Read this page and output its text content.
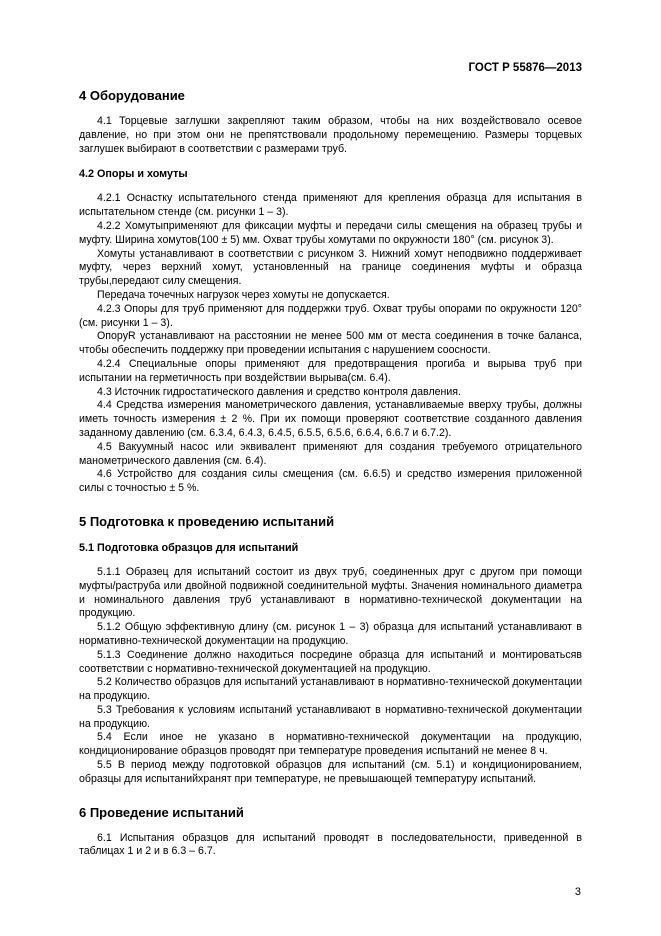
ГОСТ Р 55876—2013
4 Оборудование

4.1 Торцевые заглушки закрепляют таким образом, чтобы на них воздействовало осевое давление, но при этом они не препятствовали продольному перемещению. Размеры торцевых заглушек выбирают в соответствии с размерами труб.

4.2 Опоры и хомуты

4.2.1 Оснастку испытательного стенда применяют для крепления образца для испытания в испытательном стенде (см. рисунки 1 – 3).

4.2.2 Хомутыприменяют для фиксации муфты и передачи силы смещения на образец трубы и муфту. Ширина хомутов(100 ± 5) мм. Охват трубы хомутами по окружности 180° (см. рисунок 3).

Хомуты устанавливают в соответствии с рисунком 3. Нижний хомут неподвижно поддерживает муфту, через верхний хомут, установленный на границе соединения муфты и образца трубы,передают силу смещения.

Передача точечных нагрузок через хомуты не допускается.

4.2.3 Опоры для труб применяют для поддержки труб. Охват трубы опорами по окружности 120° (см. рисунки 1 – 3).

ОпорyR устанавливают на расстоянии не менее 500 мм от места соединения в точке баланса, чтобы обеспечить поддержку при проведении испытания с нарушением соосности.

4.2.4 Специальные опоры применяют для предотвращения прогиба и вырыва труб при испытании на герметичность при воздействии вырыва(см. 6.4).

4.3 Источник гидростатического давления и средство контроля давления.

4.4 Средства измерения манометрического давления, устанавливаемые вверху трубы, должны иметь точность измерения ± 2 %. При их помощи проверяют соответствие созданного давления заданному давлению (см. 6.3.4, 6.4.3, 6.4.5, 6.5.5, 6.5.6, 6.6.4, 6.6.7 и 6.7.2).

4.5 Вакуумный насос или эквивалент применяют для создания требуемого отрицательного манометрического давления (см. 6.4).

4.6 Устройство для создания силы смещения (см. 6.6.5) и средство измерения приложенной силы с точностью ± 5 %.

5 Подготовка к проведению испытаний
5.1 Подготовка образцов для испытаний

5.1.1 Образец для испытаний состоит из двух труб, соединенных друг с другом при помощи муфты/раструба или двойной подвижной соединительной муфты. Значения номинального диаметра и номинального давления труб устанавливают в нормативно-технической документации на продукцию.

5.1.2 Общую эффективную длину (см. рисунок 1 – 3) образца для испытаний устанавливают в нормативно-технической документации на продукцию.

5.1.3 Соединение должно находиться посредине образца для испытаний и монтироватьсяв соответствии с нормативно-технической документацией на продукцию.

5.2 Количество образцов для испытаний устанавливают в нормативно-технической документации на продукцию.

5.3 Требования к условиям испытаний устанавливают в нормативно-технической документации на продукцию.

5.4 Если иное не указано в нормативно-технической документации на продукцию, кондиционирование образцов проводят при температуре проведения испытаний не менее 8 ч.

5.5 В период между подготовкой образцов для испытаний (см. 5.1) и кондиционированием, образцы для испытанийхранят при температуре, не превышающей температуру испытаний.

6 Проведение испытаний

6.1 Испытания образцов для испытаний проводят в последовательности, приведенной в таблицах 1 и 2 и в 6.3 – 6.7.

3
